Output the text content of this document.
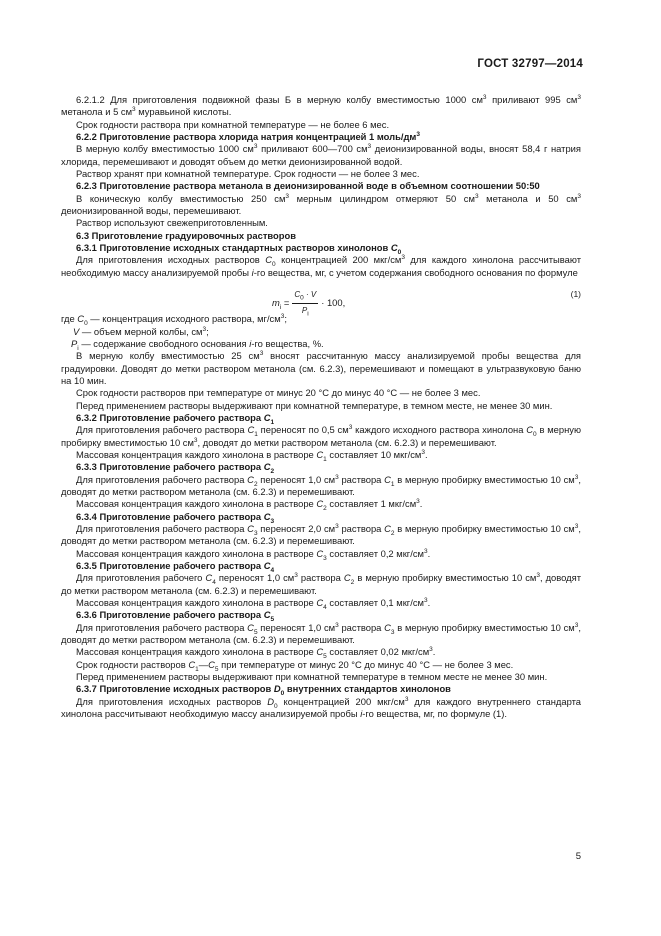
ГОСТ 32797—2014

6.2.1.2 Для приготовления подвижной фазы Б в мерную колбу вместимостью 1000 $см^3$ приливают 995 $см^3$ метанола и 5 $см^3$ муравьиной кислоты.

Срок годности раствора при комнатной температуре — не более 6 мес.

6.2.2 Приготовление раствора хлорида натрия концентрацией 1 моль/$дм^3$

В мерную колбу вместимостью 1000 $см^3$ приливают 600—700 $см^3$ деионизированной воды, вносят 58,4 г натрия хлорида, перемешивают и доводят объем до метки деионизированной водой.

Раствор хранят при комнатной температуре. Срок годности — не более 3 мес.

6.2.3 Приготовление раствора метанола в деионизированной воде в объемном соотношении 50:50

В коническую колбу вместимостью 250 $см^3$ мерным цилиндром отмеряют 50 $см^3$ метанола и 50 $см^3$ деионизированной воды, перемешивают.

Раствор используют свежеприготовленным.

6.3 Приготовление градуировочных растворов

6.3.1 Приготовление исходных стандартных растворов хинолонов $C_0$

Для приготовления исходных растворов $C_0$ концентрацией 200 мкг/$см^3$ для каждого хинолона рассчитывают необходимую массу анализируемой пробы i-го вещества, мг, с учетом содержания свободного основания по формуле

$m_i = \frac{C_0 \cdot V}{P_i} \cdot 100$,
(1)

где $C_0$ — концентрация исходного раствора, $мг/см^3$;

V — объем мерной колбы, $см^3$;

$P_i$ — содержание свободного основания i-го вещества, %.

В мерную колбу вместимостью 25 $см^3$ вносят рассчитанную массу анализируемой пробы вещества для градуировки. Доводят до метки раствором метанола (см. 6.2.3), перемешивают и помещают в ультразвуковую баню на 10 мин.

Срок годности растворов при температуре от минус 20 °C до минус 40 °C — не более 3 мес.

Перед применением растворы выдерживают при комнатной температуре, в темном месте, не менее 30 мин.

6.3.2 Приготовление рабочего раствора $C_1$

Для приготовления рабочего раствора $C_1$ переносят по 0,5 $см^3$ каждого исходного раствора хинолона $C_0$ в мерную пробирку вместимостью 10 $см^3$, доводят до метки раствором метанола (см. 6.2.3) и перемешивают.

Массовая концентрация каждого хинолона в растворе $C_1$ составляет 10 мкг/$см^3$.

6.3.3 Приготовление рабочего раствора $C_2$

Для приготовления рабочего раствора $C_2$ переносят 1,0 $см^3$ раствора $C_1$ в мерную пробирку вместимостью 10 $см^3$, доводят до метки раствором метанола (см. 6.2.3) и перемешивают.

Массовая концентрация каждого хинолона в растворе $C_2$ составляет 1 мкг/$см^3$.

6.3.4 Приготовление рабочего раствора $C_3$

Для приготовления рабочего раствора $C_3$ переносят 2,0 $см^3$ раствора $C_2$ в мерную пробирку вместимостью 10 $см^3$, доводят до метки раствором метанола (см. 6.2.3) и перемешивают.

Массовая концентрация каждого хинолона в растворе $C_3$ составляет 0,2 мкг/$см^3$.

6.3.5 Приготовление рабочего раствора $C_4$

Для приготовления рабочего $C_4$ переносят 1,0 $см^3$ раствора $C_2$ в мерную пробирку вместимостью 10 $см^3$, доводят до метки раствором метанола (см. 6.2.3) и перемешивают.

Массовая концентрация каждого хинолона в растворе $C_4$ составляет 0,1 мкг/$см^3$.

6.3.6 Приготовление рабочего раствора $C_5$

Для приготовления рабочего раствора $C_5$ переносят 1,0 $см^3$ раствора $C_3$ в мерную пробирку вместимостью 10 $см^3$, доводят до метки раствором метанола (см. 6.2.3) и перемешивают.

Массовая концентрация каждого хинолона в растворе $C_5$ составляет 0,02 мкг/$см^3$.

Срок годности растворов $C_1—C_5$ при температуре от минус 20 °C до минус 40 °C — не более 3 мес.

Перед применением растворы выдерживают при комнатной температуре в темном месте не менее 30 мин.

6.3.7 Приготовление исходных растворов $D_0$ внутренних стандартов хинолонов

Для приготовления исходных растворов $D_0$ концентрацией 200 мкг/$см^3$ для каждого внутреннего стандарта хинолона рассчитывают необходимую массу анализируемой пробы i-го вещества, мг, по формуле (1).

5
